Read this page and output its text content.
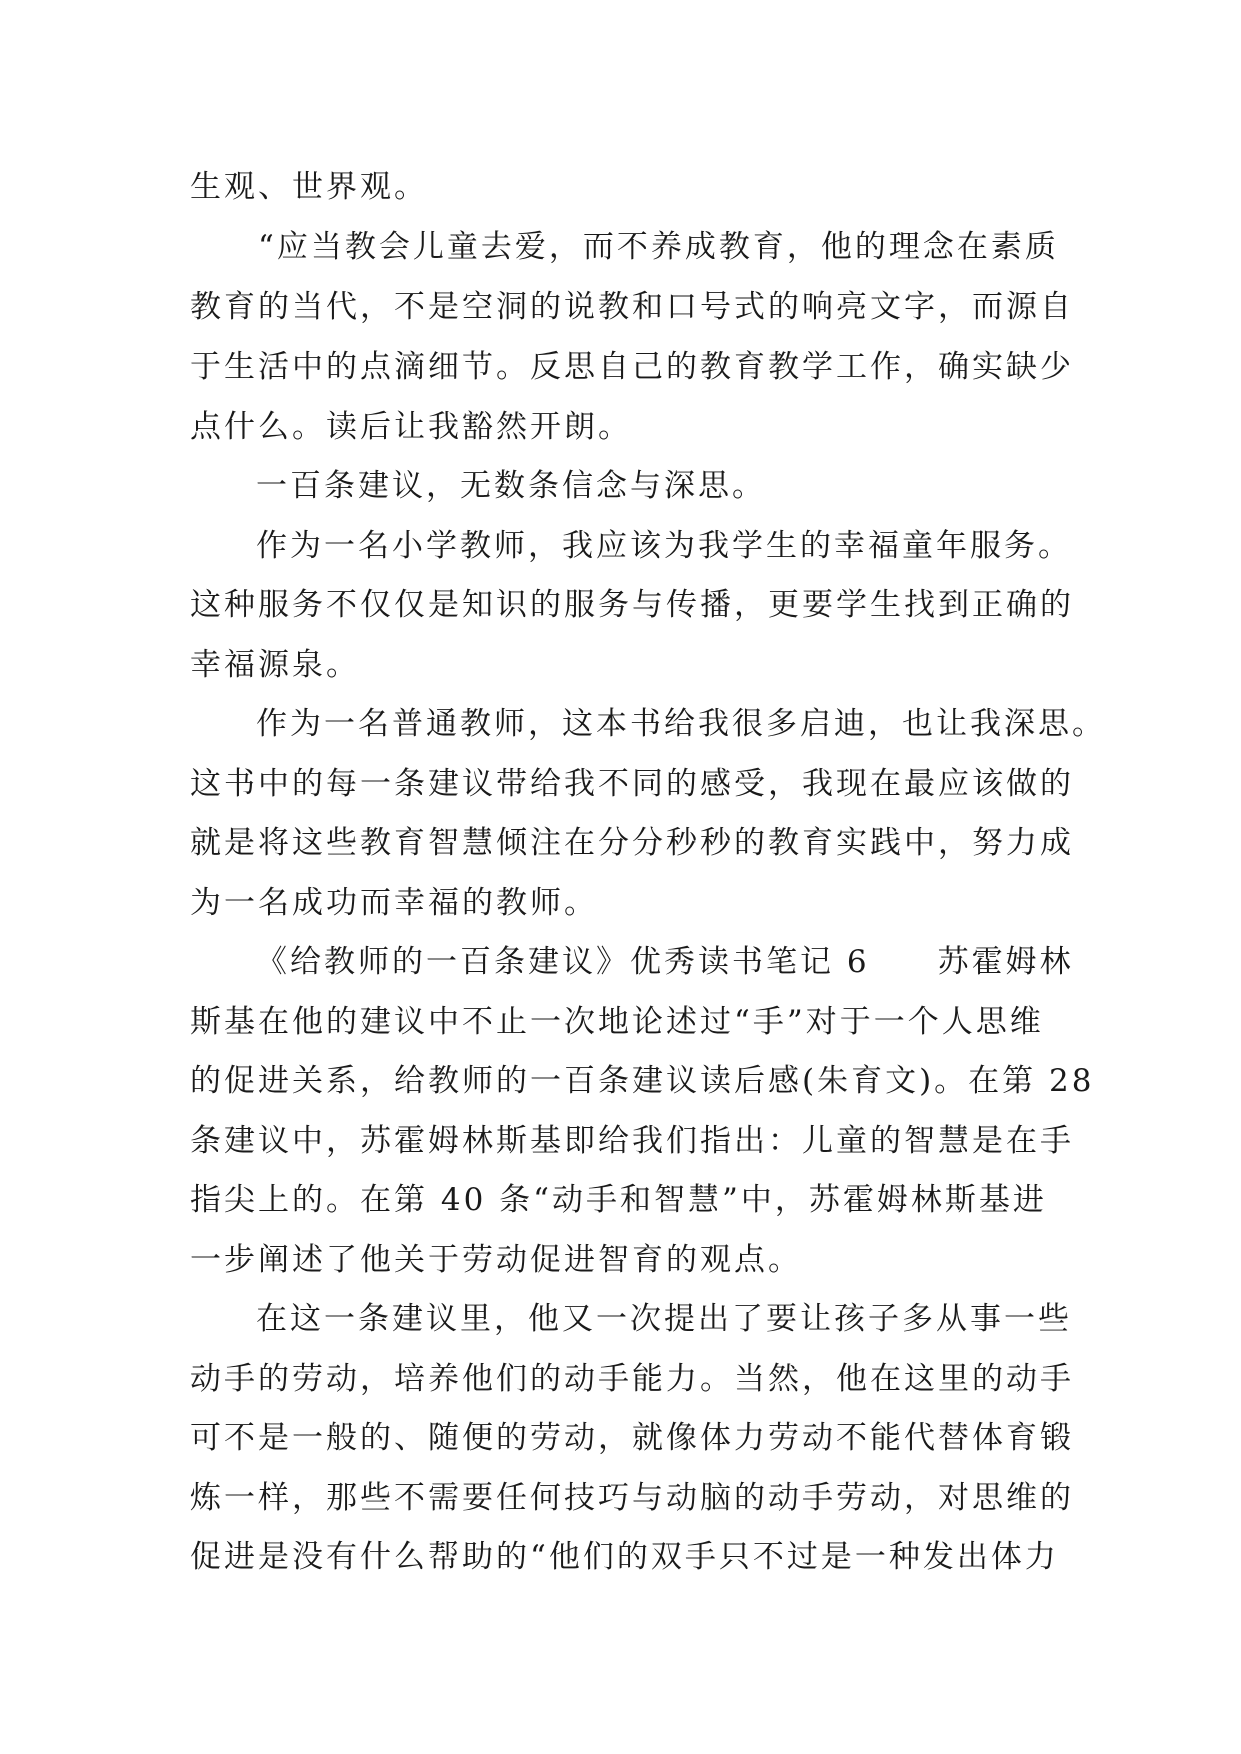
生观、世界观。

“应当教会儿童去爱，而不养成教育，他的理念在素质

教育的当代，不是空洞的说教和口号式的响亮文字，而源自

于生活中的点滴细节。反思自己的教育教学工作，确实缺少

点什么。读后让我豁然开朗。

一百条建议，无数条信念与深思。

作为一名小学教师，我应该为我学生的幸福童年服务。

这种服务不仅仅是知识的服务与传播，更要学生找到正确的

幸福源泉。

作为一名普通教师，这本书给我很多启迪，也让我深思。

这书中的每一条建议带给我不同的感受，我现在最应该做的

就是将这些教育智慧倾注在分分秒秒的教育实践中，努力成

为一名成功而幸福的教师。

《给教师的一百条建议》优秀读书笔记 6　　苏霍姆林

斯基在他的建议中不止一次地论述过“手”对于一个人思维

的促进关系，给教师的一百条建议读后感(朱育文)。在第 28

条建议中，苏霍姆林斯基即给我们指出：儿童的智慧是在手

指尖上的。在第 40 条“动手和智慧”中，苏霍姆林斯基进

一步阐述了他关于劳动促进智育的观点。

在这一条建议里，他又一次提出了要让孩子多从事一些

动手的劳动，培养他们的动手能力。当然，他在这里的动手

可不是一般的、随便的劳动，就像体力劳动不能代替体育锻

炼一样，那些不需要任何技巧与动脑的动手劳动，对思维的

促进是没有什么帮助的“他们的双手只不过是一种发出体力
